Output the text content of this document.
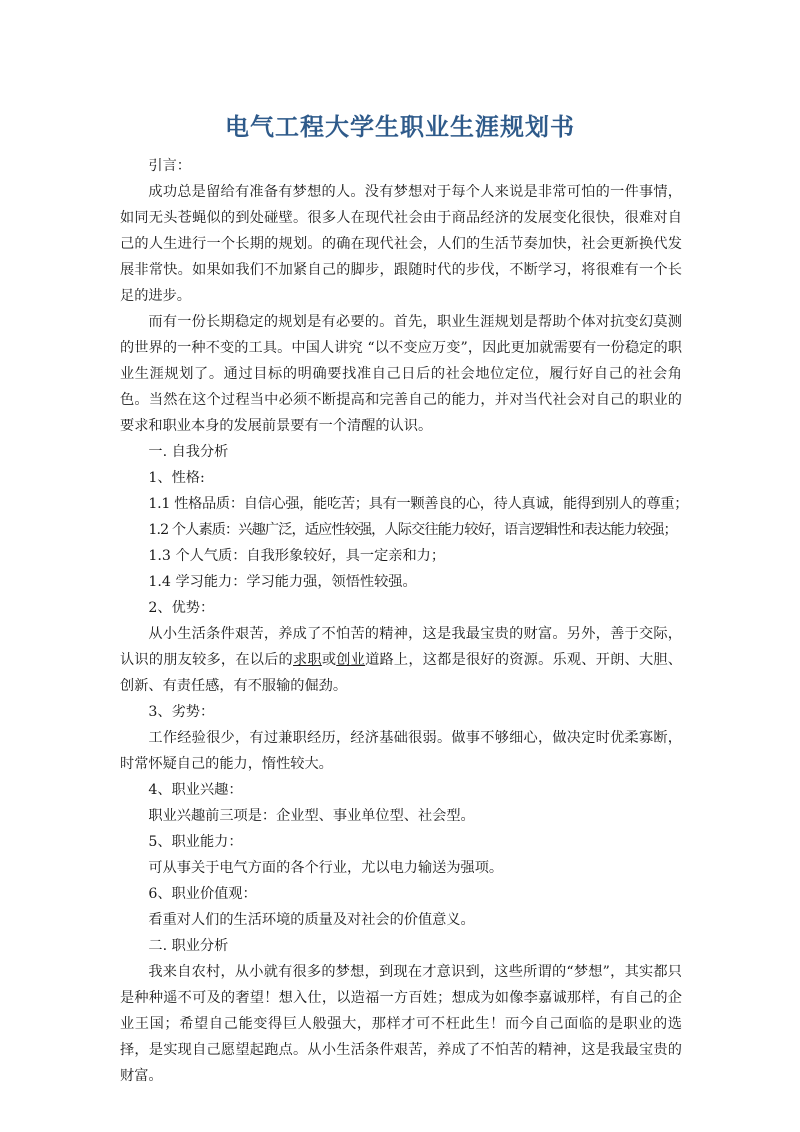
电气工程大学生职业生涯规划书

引言：

成功总是留给有准备有梦想的人。没有梦想对于每个人来说是非常可怕的一件事情，如同无头苍蝇似的到处碰壁。很多人在现代社会由于商品经济的发展变化很快，很难对自己的人生进行一个长期的规划。的确在现代社会，人们的生活节奏加快，社会更新换代发展非常快。如果如我们不加紧自己的脚步，跟随时代的步伐，不断学习，将很难有一个长足的进步。

而有一份长期稳定的规划是有必要的。首先，职业生涯规划是帮助个体对抗变幻莫测的世界的一种不变的工具。中国人讲究 “以不变应万变”，因此更加就需要有一份稳定的职业生涯规划了。通过目标的明确要找准自己日后的社会地位定位，履行好自己的社会角色。当然在这个过程当中必须不断提高和完善自己的能力，并对当代社会对自己的职业的要求和职业本身的发展前景要有一个清醒的认识。

一. 自我分析

1、性格:

1.1 性格品质：自信心强，能吃苦；具有一颗善良的心，待人真诚，能得到别人的尊重；

1.2 个人素质：兴趣广泛，适应性较强，人际交往能力较好，语言逻辑性和表达能力较强；

1.3 个人气质：自我形象较好，具一定亲和力；

1.4 学习能力：学习能力强，领悟性较强。

2、优势：

从小生活条件艰苦，养成了不怕苦的精神，这是我最宝贵的财富。另外，善于交际，认识的朋友较多，在以后的求职或创业道路上，这都是很好的资源。乐观、开朗、大胆、创新、有责任感，有不服输的倔劲。

3、劣势：

工作经验很少，有过兼职经历，经济基础很弱。做事不够细心，做决定时优柔寡断，时常怀疑自己的能力，惰性较大。

4、职业兴趣：

职业兴趣前三项是：企业型、事业单位型、社会型。

5、职业能力：

可从事关于电气方面的各个行业，尤以电力输送为强项。

6、职业价值观：

看重对人们的生活环境的质量及对社会的价值意义。

二. 职业分析

我来自农村，从小就有很多的梦想，到现在才意识到，这些所谓的“梦想”，其实都只是种种遥不可及的奢望！想入仕，以造福一方百姓；想成为如像李嘉诚那样，有自己的企业王国；希望自己能变得巨人般强大，那样才可不枉此生！而今自己面临的是职业的选择，是实现自己愿望起跑点。从小生活条件艰苦，养成了不怕苦的精神，这是我最宝贵的财富。
